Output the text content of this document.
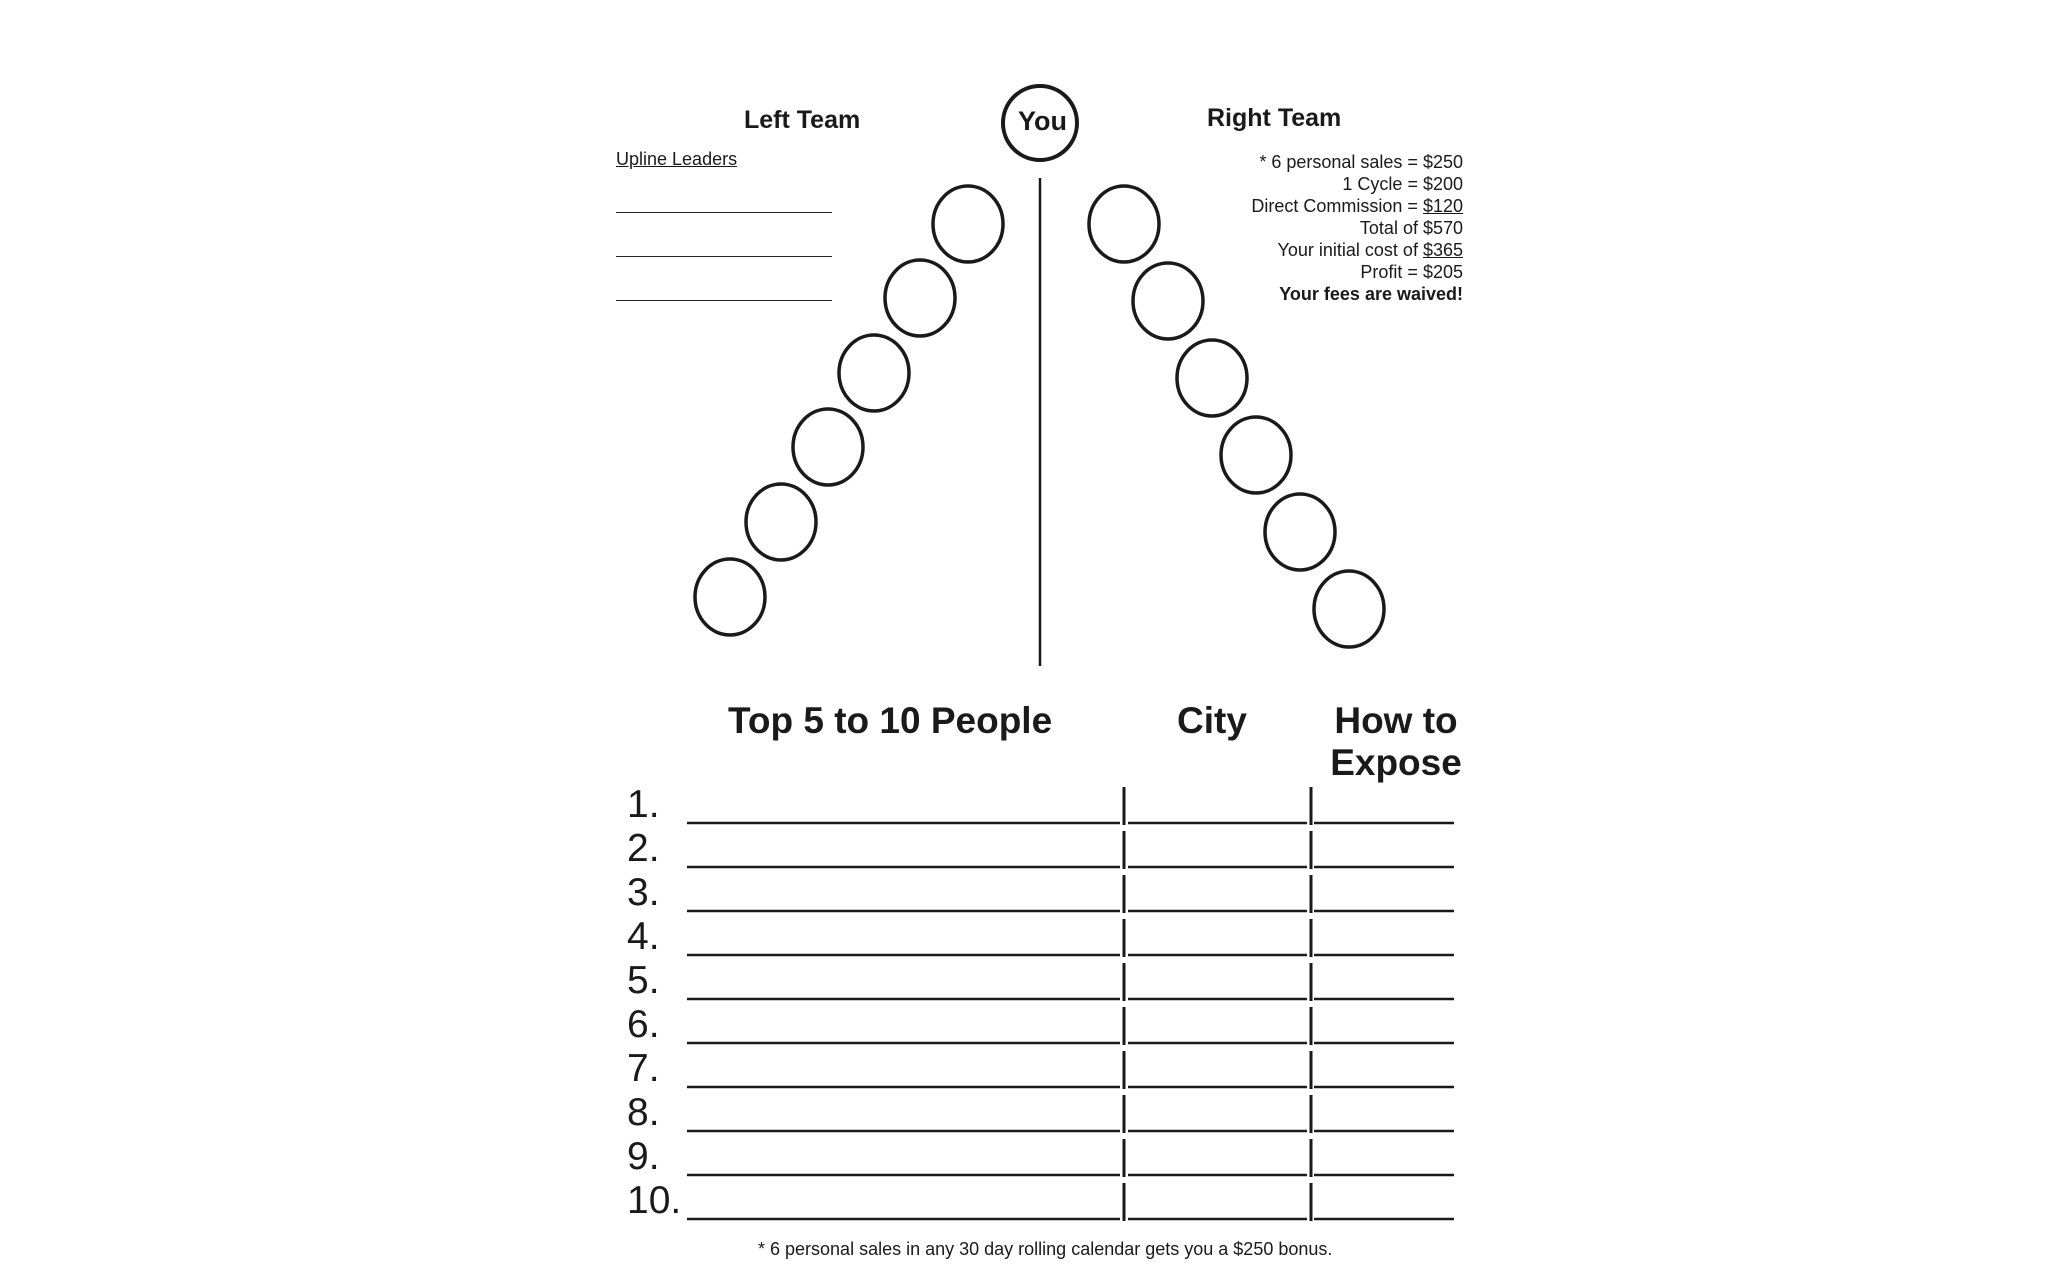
Left Team	You	Right Team
Upline Leaders	* 6 personal sales = $250
1 Cycle = $200
Direct Commission = $120
Total of $570
Your initial cost of $365
Profit = $205
Your fees are waived!
Top 5 to 10 People	City	How to
Expose
1.
2.
3.
4.
5.
6.
7.
8.
9.
10.
* 6 personal sales in any 30 day rolling calendar gets you a $250 bonus.
